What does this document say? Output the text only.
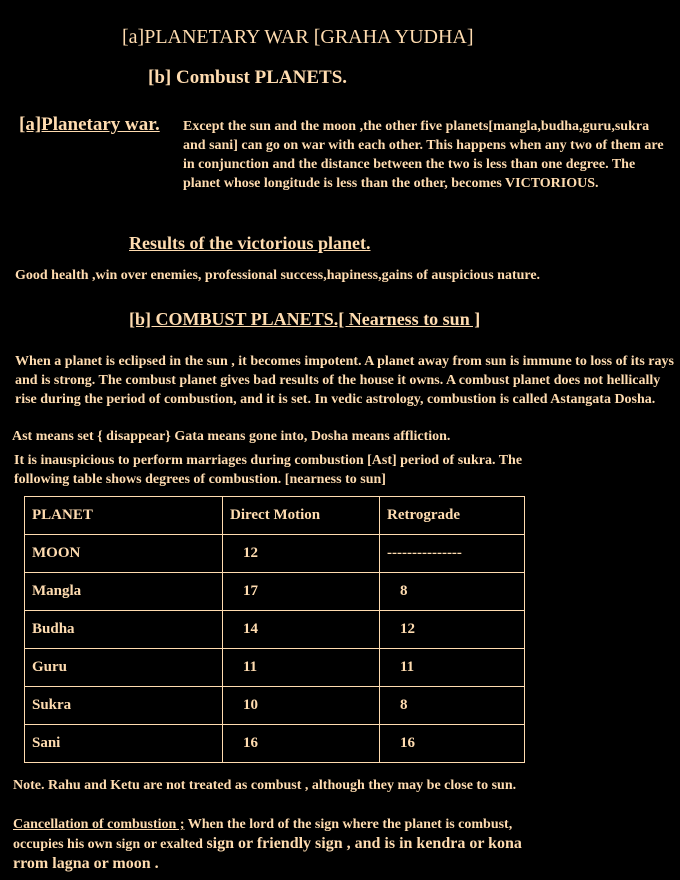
[a]PLANETARY WAR [GRAHA YUDHA]
[b] Combust PLANETS.
[a]Planetary war. Except the sun and the moon ,the other five planets[mangla,budha,guru,sukra and sani] can go on war with each other. This happens when any two of them are in conjunction and the distance between the two is less than one degree. The planet whose longitude is less than the other, becomes VICTORIOUS.
Results of the victorious planet.
Good health ,win over enemies, professional success,hapiness,gains of auspicious nature.
[b] COMBUST PLANETS.[ Nearness to sun ]
When a planet is eclipsed in the sun , it becomes impotent. A planet away from sun is immune to loss of its rays and is strong. The combust planet gives bad results of the house it owns. A combust planet does not hellically rise during the period of combustion, and it is set. In vedic astrology, combustion is called Astangata Dosha.
Ast means set { disappear} Gata means gone into, Dosha means affliction.
It is inauspicious to perform marriages during combustion [Ast] period of sukra. The following table shows degrees of combustion. [nearness to sun]
PLANET	Direct Motion	Retrograde
MOON	12	---------------
Mangla	17	8
Budha	14	12
Guru	11	11
Sukra	10	8
Sani	16	16
Note. Rahu and Ketu are not treated as combust , although they may be close to sun.
Cancellation of combustion ; When the lord of the sign where the planet is combust, occupies his own sign or exalted sign or friendly sign , and is in kendra or kona rrom lagna or moon .
